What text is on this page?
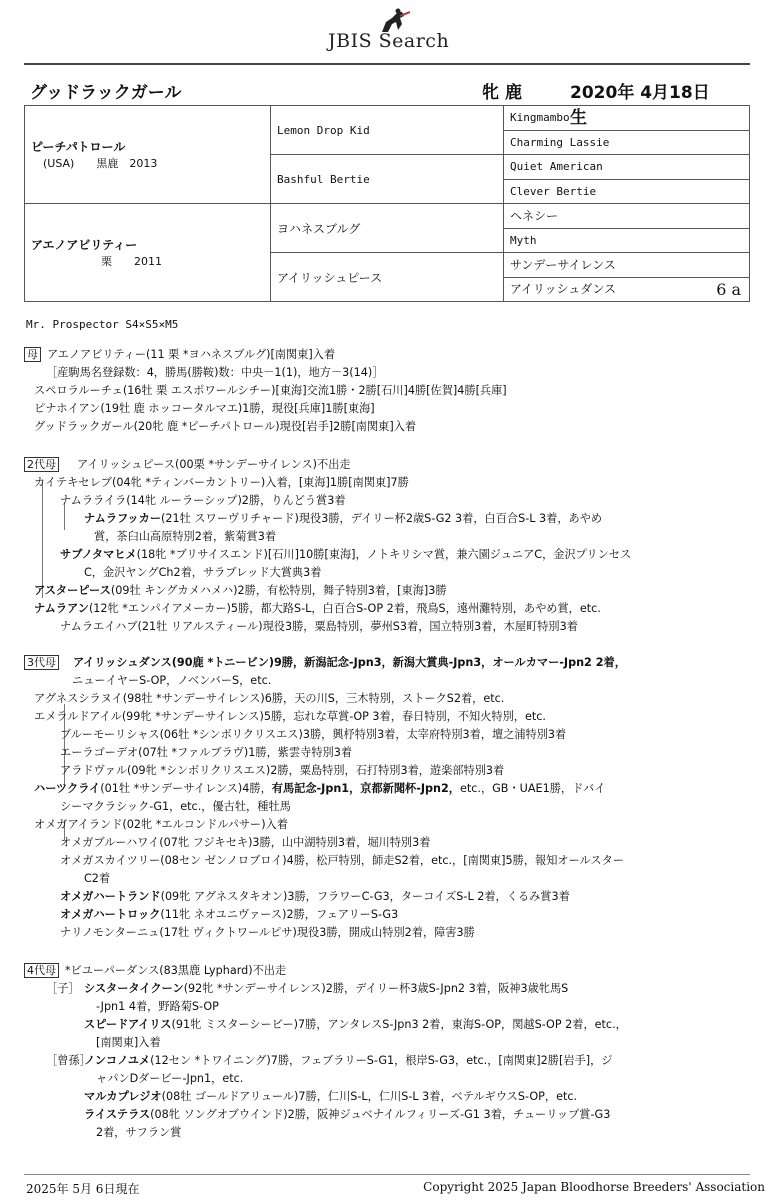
JBIS Search
グッドラックガール	牝鹿 2020年 4月18日生
ピーチパトロール
(USA)　　黒鹿　2013	Lemon Drop Kid	Kingmambo
		Charming Lassie
	Bashful Bertie	Quiet American
		Clever Bertie

アエノアビリティー
栗　　2011	ヨハネスブルグ	ヘネシー
		Myth
	アイリッシュピース	サンデーサイレンス
		アイリッシュダンス 6 a
Mr. Prospector S4×S5×M5
母 アエノアビリティー(11 栗 *ヨハネスブルグ)[南関東]入着
［産駒馬名登録数：4，勝馬(勝鞍)数：中央－1(1)，地方－3(14)］
スペロラルーチェ(16牡 栗 エスポワールシチー)[東海]交流1勝・2勝[石川]4勝[佐賀]4勝[兵庫]
ピナホイアン(19牡 鹿 ホッコータルマエ)1勝，現役[兵庫]1勝[東海]
グッドラックガール(20牝 鹿 *ピーチパトロール)現役[岩手]2勝[南関東]入着
2代母 アイリッシュピース(00栗 *サンデーサイレンス)不出走
カイテキセレブ(04牝 *ティンバーカントリー)入着，[東海]1勝[南関東]7勝
ナムラライラ(14牝 ルーラーシップ)2勝，りんどう賞3着
ナムラフッカー(21牡 スワーヴリチャード)現役3勝，デイリー杯2歳S-G2 3着，白百合S-L 3着，あやめ
賞，茶臼山高原特別2着，紫菊賞3着
サブノタマヒメ(18牝 *ブリサイスエンド)[石川]10勝[東海]，ノトキリシマ賞，兼六園ジュニアC，金沢プリンセス
C，金沢ヤングCh2着，サラブレッド大賞典3着
アスターピース(09牡 キングカメハメハ)2勝，有松特別，舞子特別3着，[東海]3勝
ナムラアン(12牝 *エンパイアメーカー)5勝，都大路S-L，白百合S-OP 2着，飛鳥S，遠州灘特別，あやめ賞，etc.
ナムラエイハブ(21牡 リアルスティール)現役3勝，粟島特別，夢州S3着，国立特別3着，木屋町特別3着
3代母 アイリッシュダンス(90鹿 *トニービン)9勝，新潟記念-Jpn3，新潟大賞典-Jpn3，オールカマー-Jpn2 2着，
ニューイヤーS-OP，ノベンバーS，etc.
アグネスシラヌイ(98牡 *サンデーサイレンス)6勝，天の川S，三木特別，ストークS2着，etc.
エメラルドアイル(99牝 *サンデーサイレンス)5勝，忘れな草賞-OP 3着，春日特別，不知火特別，etc.
ブルーモーリシャス(06牡 *シンボリクリスエス)3勝，興杼特別3着，太宰府特別3着，壇之浦特別3着
エーラゴーデオ(07牡 *ファルブラヴ)1勝，紫雲寺特別3着
アラドヴァル(09牝 *シンボリクリスエス)2勝，粟島特別，石打特別3着，遊楽部特別3着
ハーツクライ(01牡 *サンデーサイレンス)4勝，有馬記念-Jpn1，京都新聞杯-Jpn2，etc.，GB・UAE1勝，ドバイ
シーマクラシック-G1，etc.，優古牡，種牡馬
オメガアイランド(02牝 *エルコンドルパサー)入着
オメガブルーハワイ(07牝 フジキセキ)3勝，山中湖特別3着，堀川特別3着
オメガスカイツリー(08セン ゼンノロブロイ)4勝，松戸特別，師走S2着，etc.，[南関東]5勝，報知オールスター
C2着
オメガハートランド(09牝 アグネスタキオン)3勝，フラワーC-G3，ターコイズS-L 2着，くるみ賞3着
オメガハートロック(11牝 ネオユニヴァース)2勝，フェアリーS-G3
ナリノモンターニュ(17牡 ヴィクトワールピサ)現役3勝，開成山特別2着，障害3勝
4代母 *ビユーパーダンス(83黒鹿 Lyphard)不出走
［子］ シスタータイクーン(92牝 *サンデーサイレンス)2勝，デイリー杯3歳S-Jpn2 3着，阪神3歳牝馬S
-Jpn1 4着，野路菊S-OP
スピードアイリス(91牝 ミスターシービー)7勝，アンタレスS-Jpn3 2着，東海S-OP，関越S-OP 2着，etc.，
[南関東]入着
［曾孫］ノンコノユメ(12セン *トワイニング)7勝，フェブラリーS-G1，根岸S-G3，etc.，[南関東]2勝[岩手]，ジ
ャパンDダービー-Jpn1，etc.
マルカプレジオ(08牡 ゴールドアリュール)7勝，仁川S-L，仁川S-L 3着，ベテルギウスS-OP，etc.
ライステラス(08牝 ソングオブウインド)2勝，阪神ジュベナイルフィリーズ-G1 3着，チューリップ賞-G3
2着，サフラン賞
2025年 5月 6日現在	Copyright 2025 Japan Bloodhorse Breeders' Association
